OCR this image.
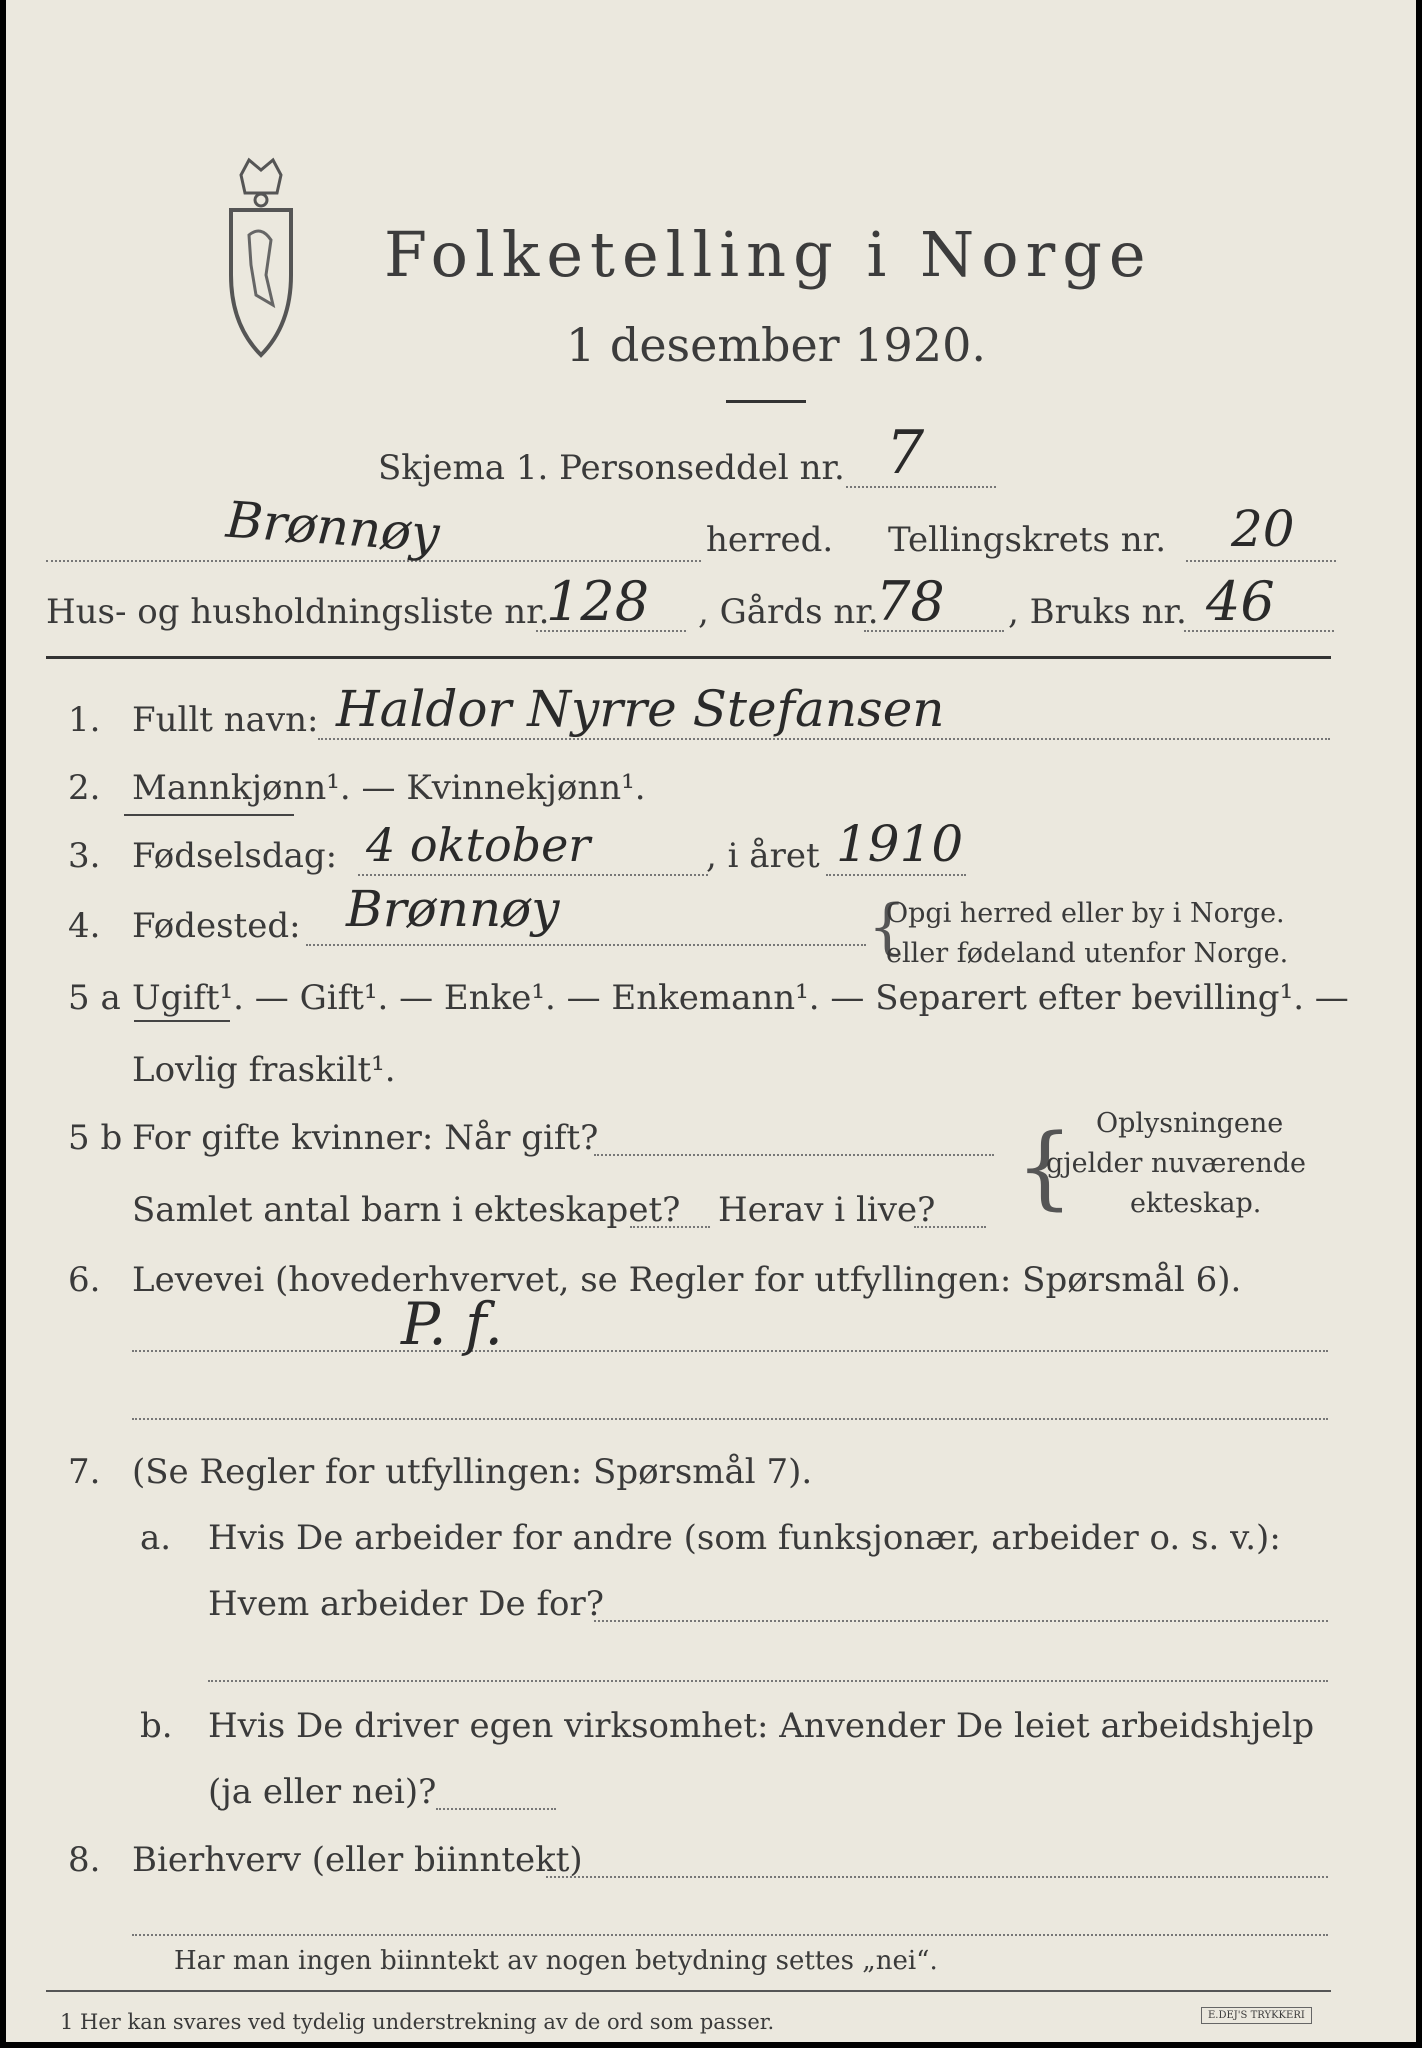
Folketelling i Norge
1 desember 1920.
Skjema 1. Personseddel nr. 7
Brønnøy	herred. Tellingskrets nr. 20
Hus- og husholdningsliste nr.
128 , Gårds nr.
78 , Bruks nr. 46
1. Fullt navn: Haldor Nyrre Stefansen
2. Mannkjønn¹. — Kvinnekjønn¹.
3. Fødselsdag: 4 oktober	, i året 1910
4. Fødested: Brønnøy	{
Opgi herred eller by i Norge.
eller fødeland utenfor Norge.
5 a Ugift¹. — Gift¹. — Enke¹. — Enkemann¹. — Separert efter bevilling¹. —
Lovlig fraskilt¹.
5 b For gifte kvinner: Når gift?
Samlet antal barn i ekteskapet? Herav i live? { Oplysningene
gjelder nuværende
ekteskap.
6. Levevei (hovederhvervet, se Regler for utfyllingen: Spørsmål 6).
P. f.
7. (Se Regler for utfyllingen: Spørsmål 7).
a. Hvis De arbeider for andre (som funksjonær, arbeider o. s. v.):
Hvem arbeider De for?
b. Hvis De driver egen virksomhet: Anvender De leiet arbeidshjelp
(ja eller nei)?
8. Bierhverv (eller biinntekt)
Har man ingen biinntekt av nogen betydning settes „nei“.
1 Her kan svares ved tydelig understrekning av de ord som passer.	E.DEJ'S TRYKKERI
